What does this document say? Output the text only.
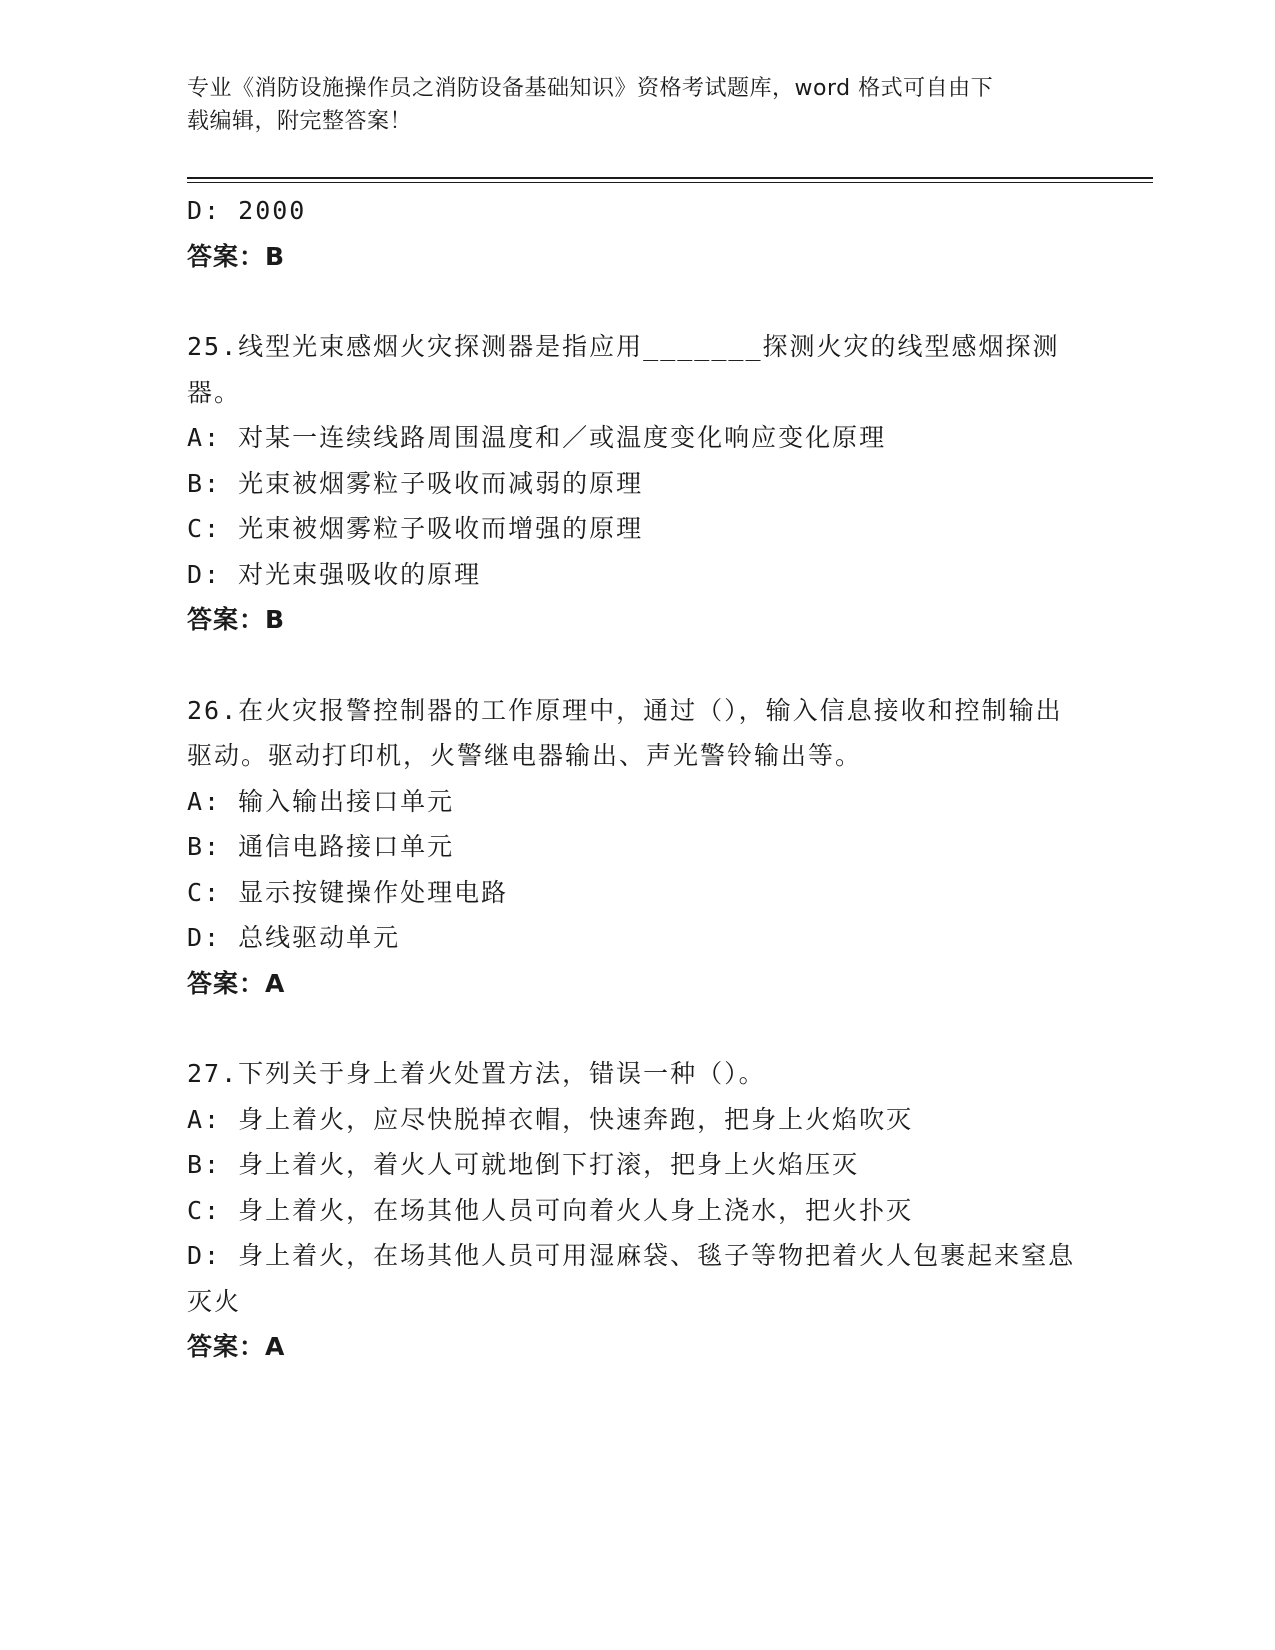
专业《消防设施操作员之消防设备基础知识》资格考试题库，word 格式可自由下
载编辑，附完整答案！
D: 2000
答案：B
25.线型光束感烟火灾探测器是指应用_______探测火灾的线型感烟探测器。
A: 对某一连续线路周围温度和／或温度变化响应变化原理
B: 光束被烟雾粒子吸收而减弱的原理
C: 光束被烟雾粒子吸收而增强的原理
D: 对光束强吸收的原理
答案：B
26.在火灾报警控制器的工作原理中，通过（），输入信息接收和控制输出驱动。驱动打印机，火警继电器输出、声光警铃输出等。
A: 输入输出接口单元
B: 通信电路接口单元
C: 显示按键操作处理电路
D: 总线驱动单元
答案：A
27.下列关于身上着火处置方法，错误一种（）。
A: 身上着火，应尽快脱掉衣帽，快速奔跑，把身上火焰吹灭
B: 身上着火，着火人可就地倒下打滚，把身上火焰压灭
C: 身上着火，在场其他人员可向着火人身上浇水，把火扑灭
D: 身上着火，在场其他人员可用湿麻袋、毯子等物把着火人包裹起来窒息灭火
答案：A
